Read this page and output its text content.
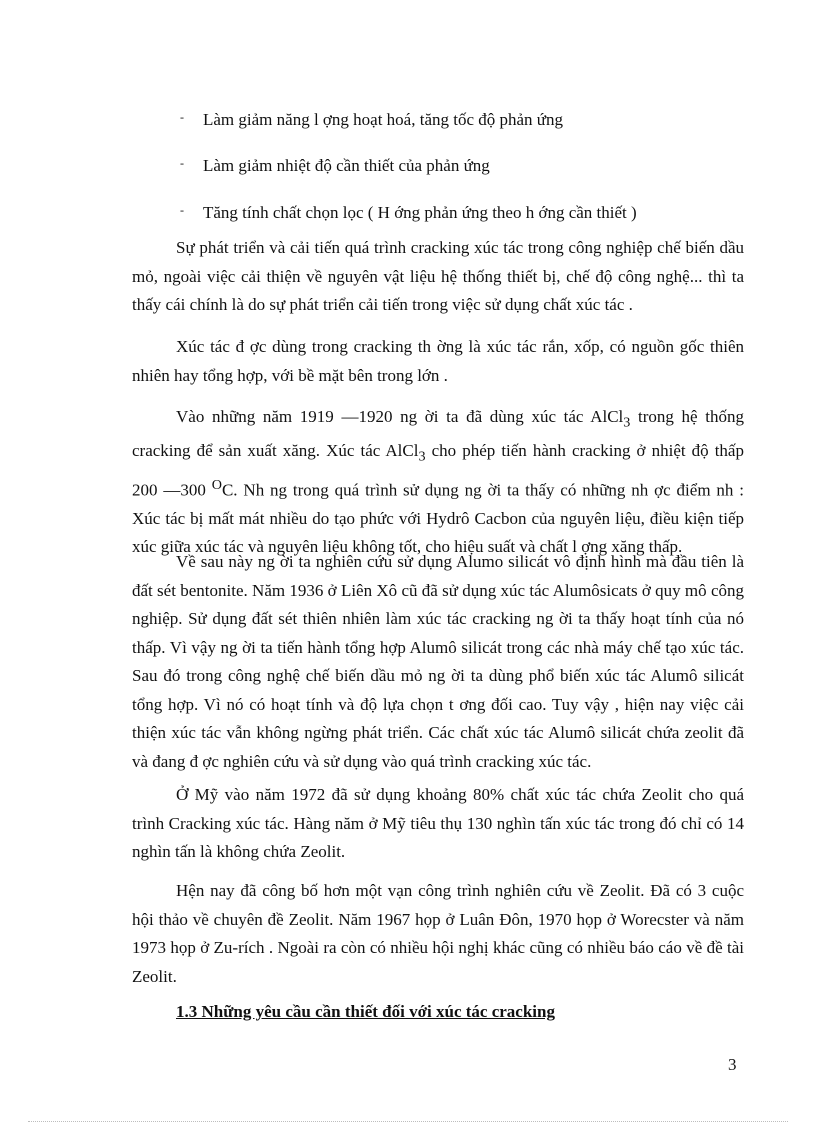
- Làm giảm năng l ợng hoạt hoá, tăng tốc độ phản ứng
- Làm giảm nhiệt độ cần thiết của phản ứng
- Tăng tính chất chọn lọc ( H ớng phản ứng theo h ớng cần thiết )

Sự phát triển và cải tiến quá trình cracking xúc tác trong công nghiệp chế biến dầu mỏ, ngoài việc cải thiện về nguyên vật liệu hệ thống thiết bị, chế độ công nghệ... thì ta thấy cái chính là do sự phát triển cải tiến trong việc sử dụng chất xúc tác .

Xúc tác đ ợc dùng trong cracking th ờng là xúc tác rắn, xốp, có nguồn gốc thiên nhiên hay tổng hợp, với bề mặt bên trong lớn .

Vào những năm 1919 —1920 ng ời ta đã dùng xúc tác AlCl$_3$ trong hệ thống cracking để sản xuất xăng. Xúc tác AlCl$_3$ cho phép tiến hành cracking ở nhiệt độ thấp 200 —300 $^O$C. Nh ng trong quá trình sử dụng ng ời ta thấy có những nh ợc điểm nh : Xúc tác bị mất mát nhiều do tạo phức với Hydrô Cacbon của nguyên liệu, điều kiện tiếp xúc giữa xúc tác và nguyên liệu không tốt, cho hiệu suất và chất l ợng xăng thấp.

Về sau này ng ời ta nghiên cứu sử dụng Alumo silicát vô định hình mà đầu tiên là đất sét bentonite. Năm 1936 ở Liên Xô cũ đã sử dụng xúc tác Alumôsicats ở quy mô công nghiệp. Sử dụng đất sét thiên nhiên làm xúc tác cracking ng ời ta thấy hoạt tính của nó thấp. Vì vậy ng ời ta tiến hành tổng hợp Alumô silicát trong các nhà máy chế tạo xúc tác. Sau đó trong công nghệ chế biến dầu mỏ ng ời ta dùng phổ biến xúc tác Alumô silicát tổng hợp. Vì nó có hoạt tính và độ lựa chọn t ơng đối cao. Tuy vậy , hiện nay việc cải thiện xúc tác vẫn không ngừng phát triển. Các chất xúc tác Alumô silicát chứa zeolit đã và đang đ ợc nghiên cứu và sử dụng vào quá trình cracking xúc tác.

Ở Mỹ vào năm 1972 đã sử dụng khoảng 80% chất xúc tác chứa Zeolit cho quá trình Cracking xúc tác. Hàng năm ở Mỹ tiêu thụ 130 nghìn tấn xúc tác trong đó chỉ có 14 nghìn tấn là không chứa Zeolit.

Hện nay đã công bố hơn một vạn công trình nghiên cứu về Zeolit. Đã có 3 cuộc hội thảo về chuyên đề Zeolit. Năm 1967 họp ở Luân Đôn, 1970 họp ở Worecster và năm 1973 họp ở Zu-rích . Ngoài ra còn có nhiều hội nghị khác cũng có nhiều báo cáo về đề tài Zeolit.

1.3 Những yêu cầu cần thiết đối với xúc tác cracking
3
